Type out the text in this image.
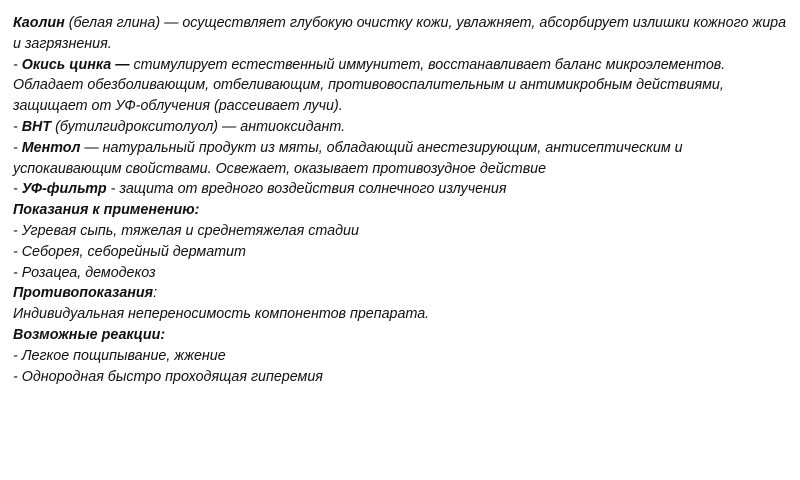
Каолин (белая глина) — осуществляет глубокую очистку кожи, увлажняет, абсорбирует излишки кожного жира и загрязнения.

- Окись цинка — стимулирует естественный иммунитет, восстанавливает баланс микроэлементов. Обладает обезболивающим, отбеливающим, противовоспалительным и антимикробным действиями, защищает от УФ-облучения (рассеивает лучи).

- ВНТ (бутилгидрокситолуол) — антиоксидант.

- Ментол — натуральный продукт из мяты, обладающий анестезирующим, антисептическим и успокаивающим свойствами. Освежает, оказывает противозудное действие

- УФ-фильтр - защита от вредного воздействия солнечного излучения

Показания к применению:

- Угревая сыпь, тяжелая и среднетяжелая стадии

- Себорея, себорейный дерматит

- Розацеа, демодекоз

Противопоказания:

Индивидуальная непереносимость компонентов препарата.

Возможные реакции:

- Легкое пощипывание, жжение

- Однородная быстро проходящая гиперемия
